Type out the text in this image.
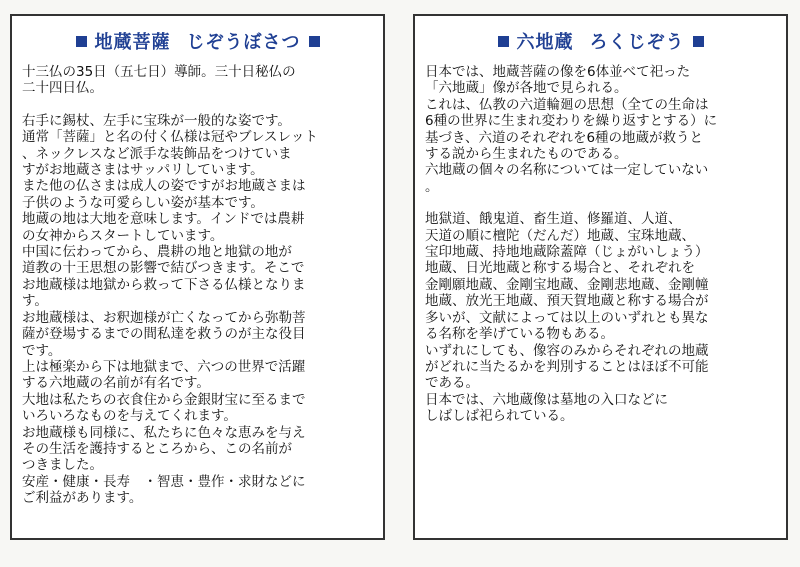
地蔵菩薩 じぞうぼさつ

十三仏の35日（五七日）導師。三十日秘仏の
二十四日仏。

右手に錫杖、左手に宝珠が一般的な姿です。

通常「菩薩」と名の付く仏様は冠やブレスレット
、ネックレスなど派手な装飾品をつけていま
すがお地蔵さまはサッパリしています。

また他の仏さまは成人の姿ですがお地蔵さまは
子供のような可愛らしい姿が基本です。

地蔵の地は大地を意味します。インドでは農耕
の女神からスタートしています。

中国に伝わってから、農耕の地と地獄の地が
道教の十王思想の影響で結びつきます。そこで
お地蔵様は地獄から救って下さる仏様となりま
す。

お地蔵様は、お釈迦様が亡くなってから弥勒菩
薩が登場するまでの間私達を救うのが主な役目
です。

上は極楽から下は地獄まで、六つの世界で活躍
する六地蔵の名前が有名です。

大地は私たちの衣食住から金銀財宝に至るまで
いろいろなものを与えてくれます。

お地蔵様も同様に、私たちに色々な恵みを与え
その生活を護持するところから、この名前が
つきました。

安産・健康・長寿　・智恵・豊作・求財などに
ご利益があります。

六地蔵 ろくじぞう

日本では、地蔵菩薩の像を6体並べて祀った
「六地蔵」像が各地で見られる。
これは、仏教の六道輪廻の思想（全ての生命は
6種の世界に生まれ変わりを繰り返すとする）に
基づき、六道のそれぞれを6種の地蔵が救うと
する説から生まれたものである。
六地蔵の個々の名称については一定していない
。

地獄道、餓鬼道、畜生道、修羅道、人道、
天道の順に檀陀（だんだ）地蔵、宝珠地蔵、
宝印地蔵、持地地蔵除蓋障（じょがいしょう）
地蔵、日光地蔵と称する場合と、それぞれを
金剛願地蔵、金剛宝地蔵、金剛悲地蔵、金剛幢
地蔵、放光王地蔵、預天賀地蔵と称する場合が
多いが、文献によっては以上のいずれとも異な
る名称を挙げている物もある。
いずれにしても、像容のみからそれぞれの地蔵
がどれに当たるかを判別することはほぼ不可能
である。
日本では、六地蔵像は墓地の入口などに
しばしば祀られている。
